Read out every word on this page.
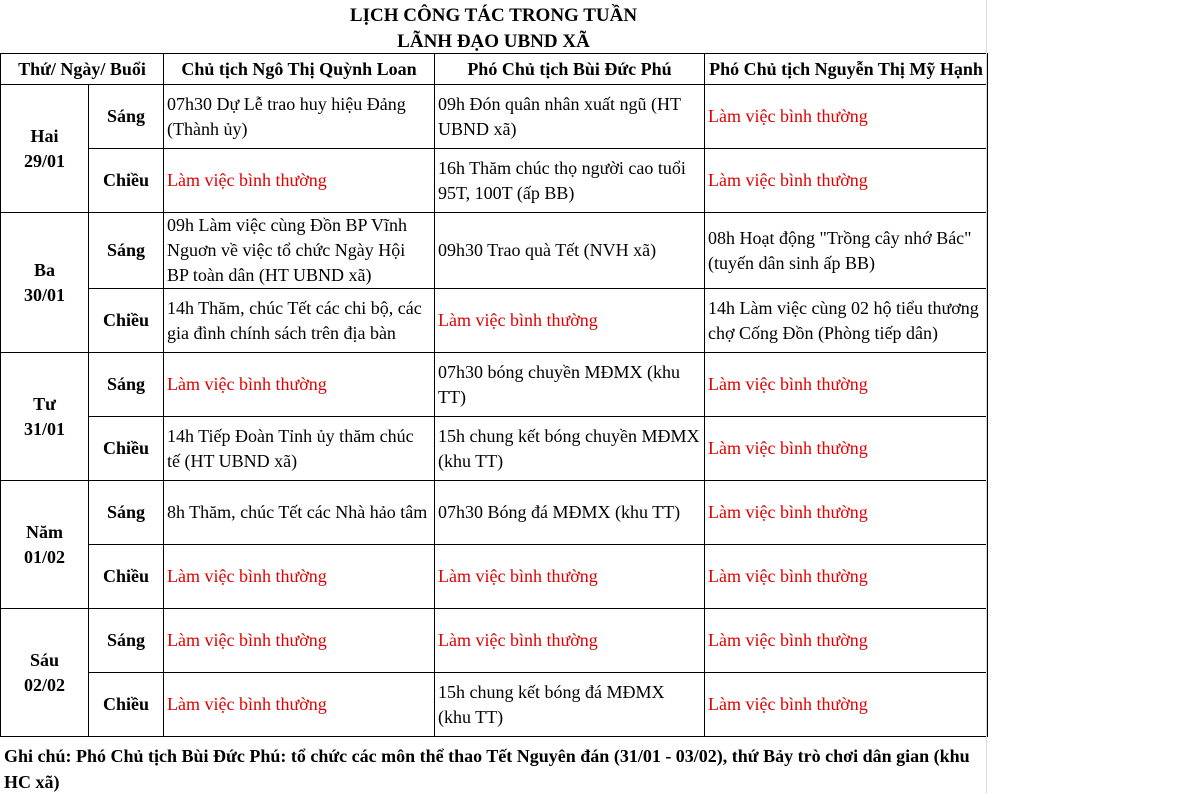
LỊCH CÔNG TÁC TRONG TUẦN
LÃNH ĐẠO UBND XÃ
Thứ/ Ngày/ Buổi		Chủ tịch Ngô Thị Quỳnh Loan	Phó Chủ tịch Bùi Đức Phú	Phó Chủ tịch Nguyễn Thị Mỹ Hạnh

Hai
29/01	Sáng	07h30 Dự Lễ trao huy hiệu Đảng (Thành ủy)	09h Đón quân nhân xuất ngũ (HT UBND xã)	Làm việc bình thường
	Chiều	Làm việc bình thường	16h Thăm chúc thọ người cao tuổi 95T, 100T (ấp BB)	Làm việc bình thường

Ba
30/01	Sáng	09h Làm việc cùng Đồn BP Vĩnh Nguơn về việc tổ chức Ngày Hội BP toàn dân (HT UBND xã)	09h30 Trao quà Tết (NVH xã)	08h Hoạt động "Trồng cây nhớ Bác" (tuyến dân sinh ấp BB)
	Chiều	14h Thăm, chúc Tết các chi bộ, các gia đình chính sách trên địa bàn	Làm việc bình thường	14h Làm việc cùng 02 hộ tiểu thương chợ Cống Đồn (Phòng tiếp dân)

Tư
31/01	Sáng	Làm việc bình thường	07h30 bóng chuyền MĐMX (khu TT)	Làm việc bình thường
	Chiều	14h Tiếp Đoàn Tỉnh ủy thăm chúc tế (HT UBND xã)	15h chung kết bóng chuyền MĐMX (khu TT)	Làm việc bình thường

Năm
01/02	Sáng	8h Thăm, chúc Tết các Nhà hảo tâm	07h30 Bóng đá MĐMX (khu TT)	Làm việc bình thường
	Chiều	Làm việc bình thường	Làm việc bình thường	Làm việc bình thường

Sáu
02/02	Sáng	Làm việc bình thường	Làm việc bình thường	Làm việc bình thường
	Chiều	Làm việc bình thường	15h chung kết bóng đá MĐMX (khu TT)	Làm việc bình thường
Ghi chú: Phó Chủ tịch Bùi Đức Phú: tổ chức các môn thể thao Tết Nguyên đán (31/01 - 03/02), thứ Bảy trò chơi dân gian (khu HC xã)
